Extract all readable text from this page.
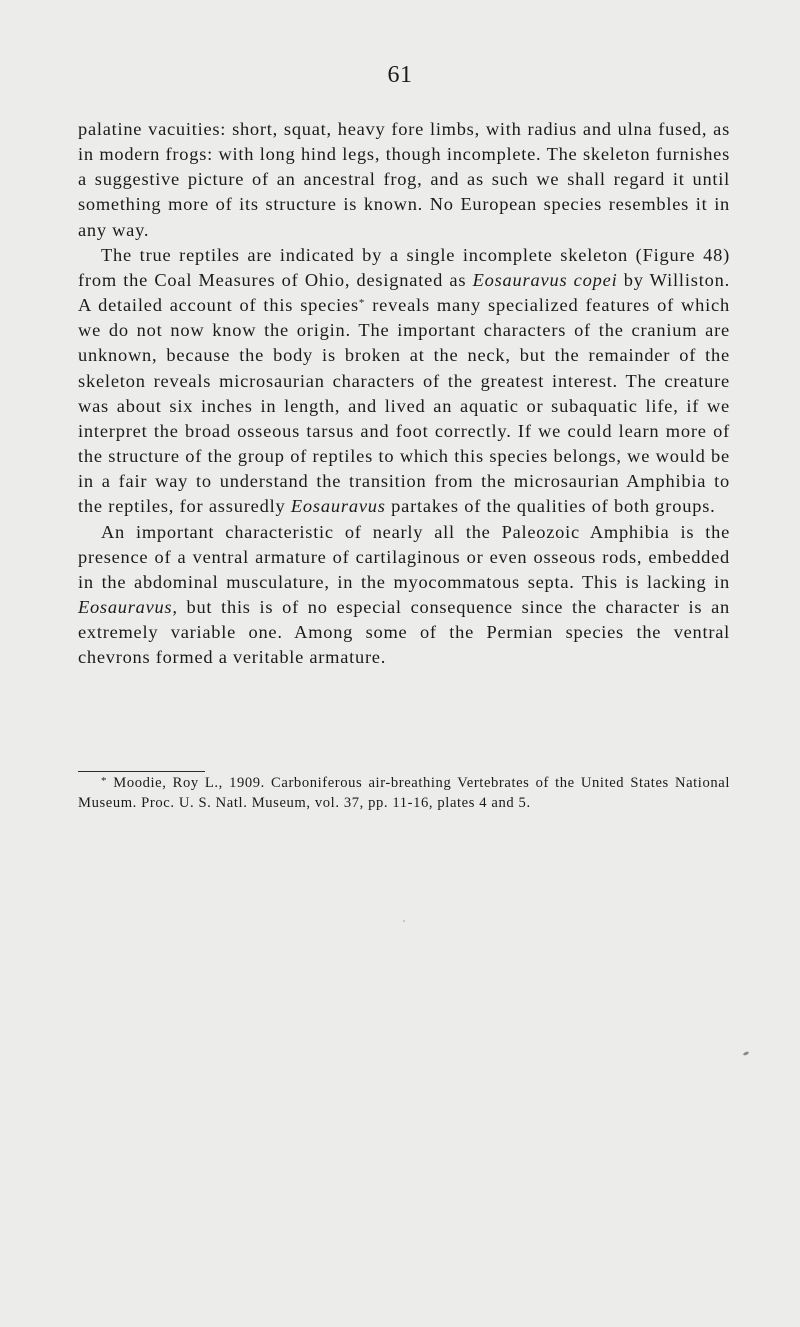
61

palatine vacuities: short, squat, heavy fore limbs, with radius and ulna fused, as in modern frogs: with long hind legs, though incomplete. The skeleton furnishes a suggestive picture of an ancestral frog, and as such we shall regard it until something more of its structure is known. No European species resembles it in any way.

The true reptiles are indicated by a single incomplete skeleton (Figure 48) from the Coal Measures of Ohio, designated as Eosauravus copei by Williston. A detailed account of this species* reveals many specialized features of which we do not now know the origin. The important characters of the cranium are unknown, because the body is broken at the neck, but the remainder of the skeleton reveals microsaurian characters of the greatest interest. The creature was about six inches in length, and lived an aquatic or subaquatic life, if we interpret the broad osseous tarsus and foot correctly. If we could learn more of the structure of the group of reptiles to which this species belongs, we would be in a fair way to understand the transition from the microsaurian Amphibia to the reptiles, for assuredly Eosauravus partakes of the qualities of both groups.

An important characteristic of nearly all the Paleozoic Amphibia is the presence of a ventral armature of cartilaginous or even osseous rods, embedded in the abdominal musculature, in the myocommatous septa. This is lacking in Eosauravus, but this is of no especial consequence since the character is an extremely variable one. Among some of the Permian species the ventral chevrons formed a veritable armature.

* Moodie, Roy L., 1909. Carboniferous air-breathing Vertebrates of the United States National Museum. Proc. U. S. Natl. Museum, vol. 37, pp. 11-16, plates 4 and 5.
